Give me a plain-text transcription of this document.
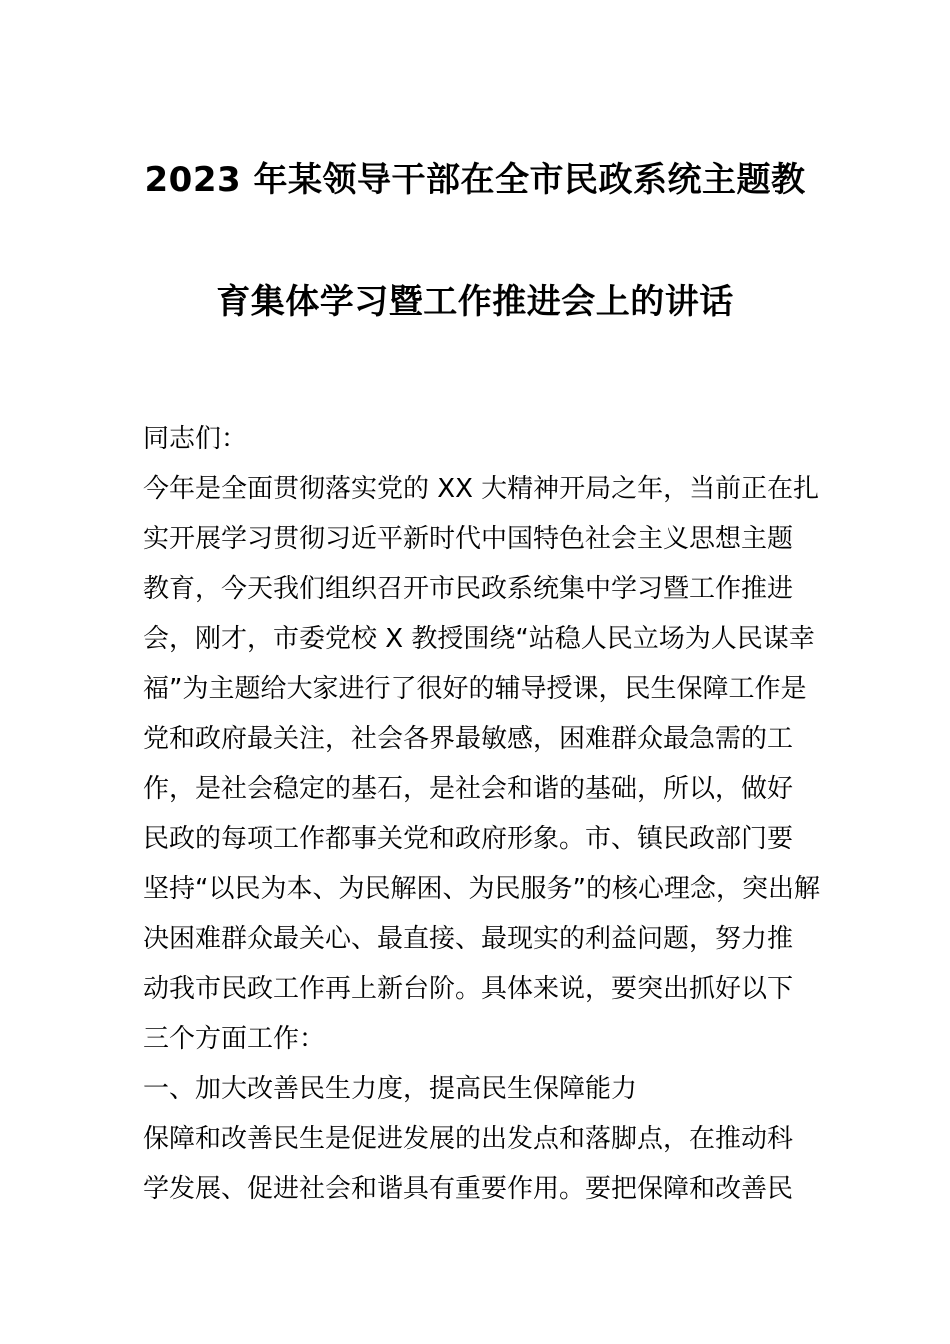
2023 年某领导干部在全市民政系统主题教
育集体学习暨工作推进会上的讲话
同志们：
今年是全面贯彻落实党的 XX 大精神开局之年，当前正在扎
实开展学习贯彻习近平新时代中国特色社会主义思想主题
教育，今天我们组织召开市民政系统集中学习暨工作推进
会，刚才，市委党校 X 教授围绕“站稳人民立场为人民谋幸
福”为主题给大家进行了很好的辅导授课，民生保障工作是
党和政府最关注，社会各界最敏感，困难群众最急需的工
作，是社会稳定的基石，是社会和谐的基础，所以，做好
民政的每项工作都事关党和政府形象。市、镇民政部门要
坚持“以民为本、为民解困、为民服务”的核心理念，突出解
决困难群众最关心、最直接、最现实的利益问题，努力推
动我市民政工作再上新台阶。具体来说，要突出抓好以下
三个方面工作：
一、加大改善民生力度，提高民生保障能力
保障和改善民生是促进发展的出发点和落脚点，在推动科
学发展、促进社会和谐具有重要作用。要把保障和改善民
